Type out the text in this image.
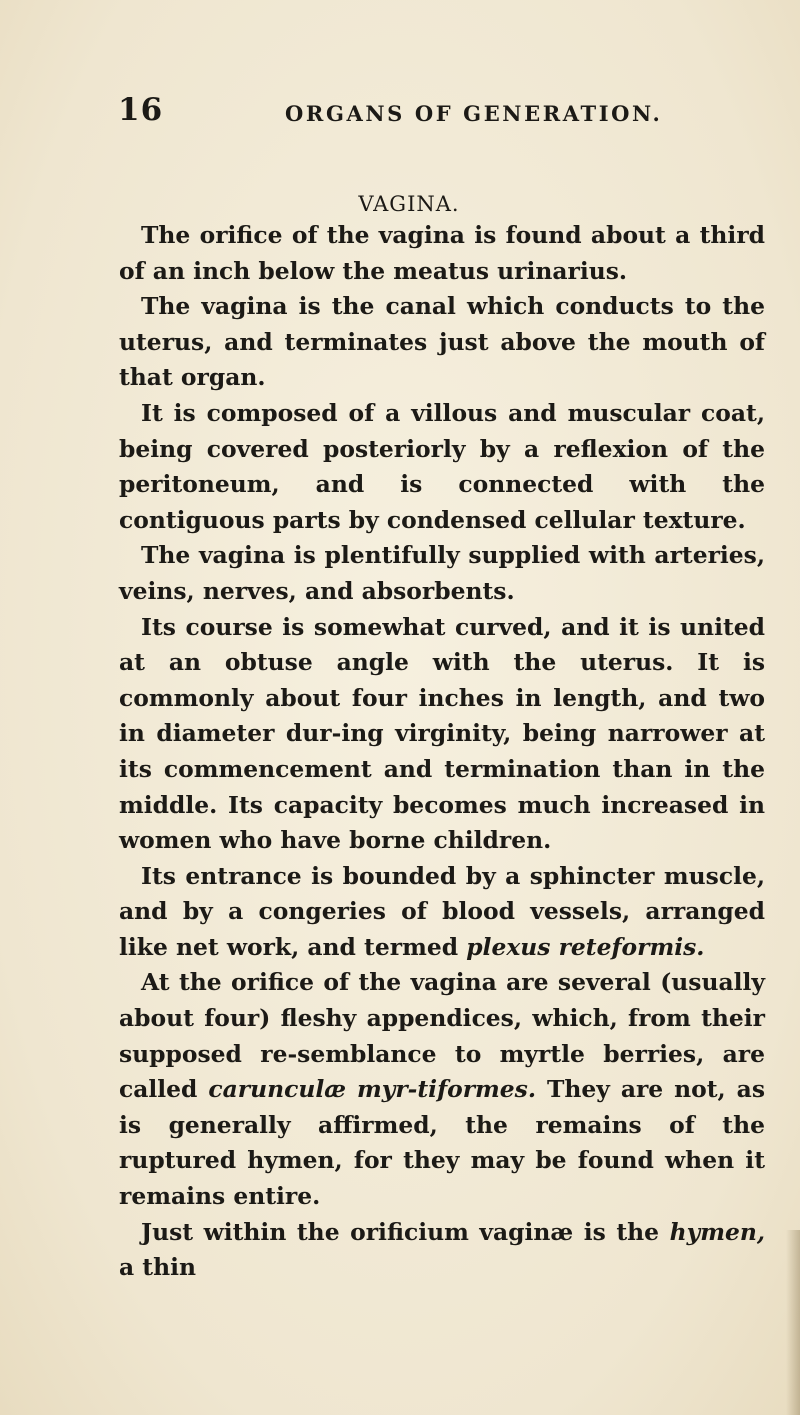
16	ORGANS OF GENERATION.
VAGINA.

The orifice of the vagina is found about a third of an inch below the meatus urinarius.

The vagina is the canal which conducts to the uterus, and terminates just above the mouth of that organ.

It is composed of a villous and muscular coat, being covered posteriorly by a reflexion of the peritoneum, and is connected with the contiguous parts by condensed cellular texture.

The vagina is plentifully supplied with arteries, veins, nerves, and absorbents.

Its course is somewhat curved, and it is united at an obtuse angle with the uterus. It is commonly about four inches in length, and two in diameter dur-ing virginity, being narrower at its commencement and termination than in the middle. Its capacity becomes much increased in women who have borne children.

Its entrance is bounded by a sphincter muscle, and by a congeries of blood vessels, arranged like net work, and termed plexus reteformis.

At the orifice of the vagina are several (usually about four) fleshy appendices, which, from their supposed re-semblance to myrtle berries, are called carunculæ myr-tiformes. They are not, as is generally affirmed, the remains of the ruptured hymen, for they may be found when it remains entire.

Just within the orificium vaginæ is the hymen, a thin
